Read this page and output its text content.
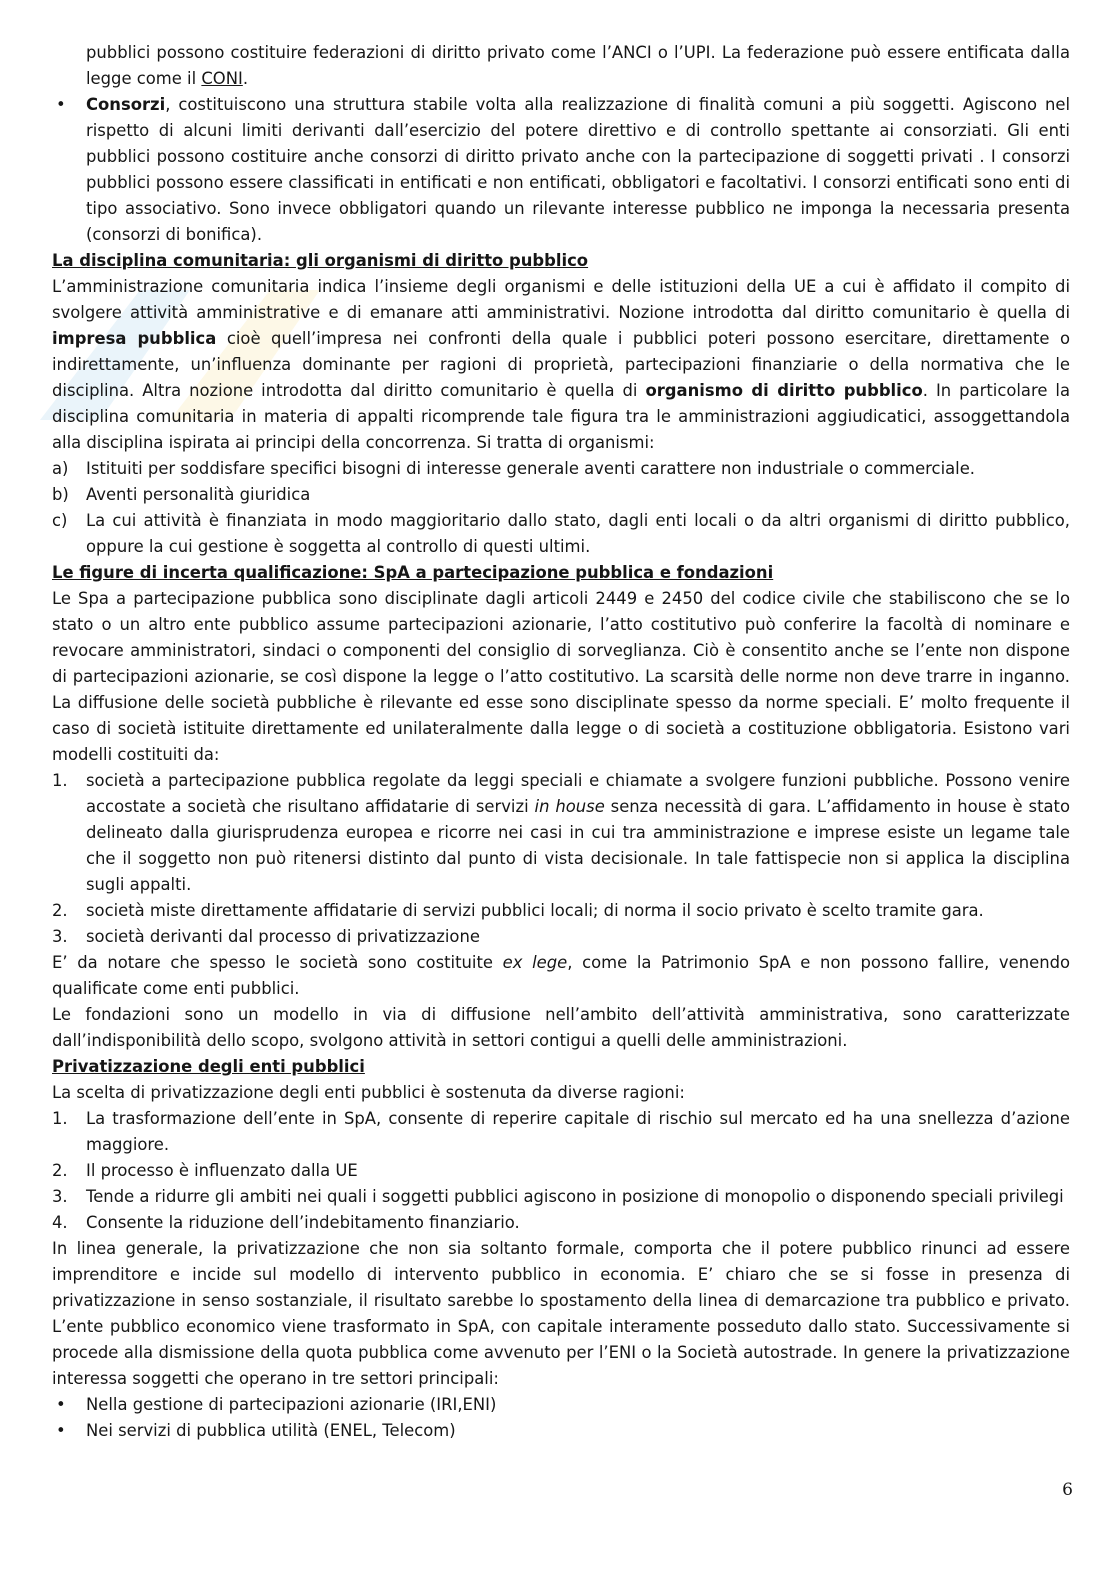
pubblici possono costituire federazioni di diritto privato come l’ANCI o l’UPI. La federazione può essere entificata dalla legge come il CONI.

• Consorzi, costituiscono una struttura stabile volta alla realizzazione di finalità comuni a più soggetti. Agiscono nel rispetto di alcuni limiti derivanti dall’esercizio del potere direttivo e di controllo spettante ai consorziati. Gli enti pubblici possono costituire anche consorzi di diritto privato anche con la partecipazione di soggetti privati . I consorzi pubblici possono essere classificati in entificati e non entificati, obbligatori e facoltativi. I consorzi entificati sono enti di tipo associativo. Sono invece obbligatori quando un rilevante interesse pubblico ne imponga la necessaria presenta (consorzi di bonifica).

La disciplina comunitaria: gli organismi di diritto pubblico

L’amministrazione comunitaria indica l’insieme degli organismi e delle istituzioni della UE a cui è affidato il compito di svolgere attività amministrative e di emanare atti amministrativi. Nozione introdotta dal diritto comunitario è quella di impresa pubblica cioè quell’impresa nei confronti della quale i pubblici poteri possono esercitare, direttamente o indirettamente, un’influenza dominante per ragioni di proprietà, partecipazioni finanziarie o della normativa che le disciplina. Altra nozione introdotta dal diritto comunitario è quella di organismo di diritto pubblico. In particolare la disciplina comunitaria in materia di appalti ricomprende tale figura tra le amministrazioni aggiudicatici, assoggettandola alla disciplina ispirata ai principi della concorrenza. Si tratta di organismi:

a) Istituiti per soddisfare specifici bisogni di interesse generale aventi carattere non industriale o commerciale.
b) Aventi personalità giuridica
c) La cui attività è finanziata in modo maggioritario dallo stato, dagli enti locali o da altri organismi di diritto pubblico, oppure la cui gestione è soggetta al controllo di questi ultimi.

Le figure di incerta qualificazione: SpA a partecipazione pubblica e fondazioni

Le Spa a partecipazione pubblica sono disciplinate dagli articoli 2449 e 2450 del codice civile che stabiliscono che se lo stato o un altro ente pubblico assume partecipazioni azionarie, l’atto costitutivo può conferire la facoltà di nominare e revocare amministratori, sindaci o componenti del consiglio di sorveglianza. Ciò è consentito anche se l’ente non dispone di partecipazioni azionarie, se così dispone la legge o l’atto costitutivo. La scarsità delle norme non deve trarre in inganno. La diffusione delle società pubbliche è rilevante ed esse sono disciplinate spesso da norme speciali. E’ molto frequente il caso di società istituite direttamente ed unilateralmente dalla legge o di società a costituzione obbligatoria. Esistono vari modelli costituiti da:

1. società a partecipazione pubblica regolate da leggi speciali e chiamate a svolgere funzioni pubbliche. Possono venire accostate a società che risultano affidatarie di servizi in house senza necessità di gara. L’affidamento in house è stato delineato dalla giurisprudenza europea e ricorre nei casi in cui tra amministrazione e imprese esiste un legame tale che il soggetto non può ritenersi distinto dal punto di vista decisionale. In tale fattispecie non si applica la disciplina sugli appalti.
2. società miste direttamente affidatarie di servizi pubblici locali; di norma il socio privato è scelto tramite gara.
3. società derivanti dal processo di privatizzazione

E’ da notare che spesso le società sono costituite ex lege, come la Patrimonio SpA e non possono fallire, venendo qualificate come enti pubblici.

Le fondazioni sono un modello in via di diffusione nell’ambito dell’attività amministrativa, sono caratterizzate dall’indisponibilità dello scopo, svolgono attività in settori contigui a quelli delle amministrazioni.

Privatizzazione degli enti pubblici

La scelta di privatizzazione degli enti pubblici è sostenuta da diverse ragioni:

1. La trasformazione dell’ente in SpA, consente di reperire capitale di rischio sul mercato ed ha una snellezza d’azione maggiore.
2. Il processo è influenzato dalla UE
3. Tende a ridurre gli ambiti nei quali i soggetti pubblici agiscono in posizione di monopolio o disponendo speciali privilegi
4. Consente la riduzione dell’indebitamento finanziario.

In linea generale, la privatizzazione che non sia soltanto formale, comporta che il potere pubblico rinunci ad essere imprenditore e incide sul modello di intervento pubblico in economia. E’ chiaro che se si fosse in presenza di privatizzazione in senso sostanziale, il risultato sarebbe lo spostamento della linea di demarcazione tra pubblico e privato. L’ente pubblico economico viene trasformato in SpA, con capitale interamente posseduto dallo stato. Successivamente si procede alla dismissione della quota pubblica come avvenuto per l’ENI o la Società autostrade. In genere la privatizzazione interessa soggetti che operano in tre settori principali:

• Nella gestione di partecipazioni azionarie (IRI,ENI)
• Nei servizi di pubblica utilità (ENEL, Telecom)
6
